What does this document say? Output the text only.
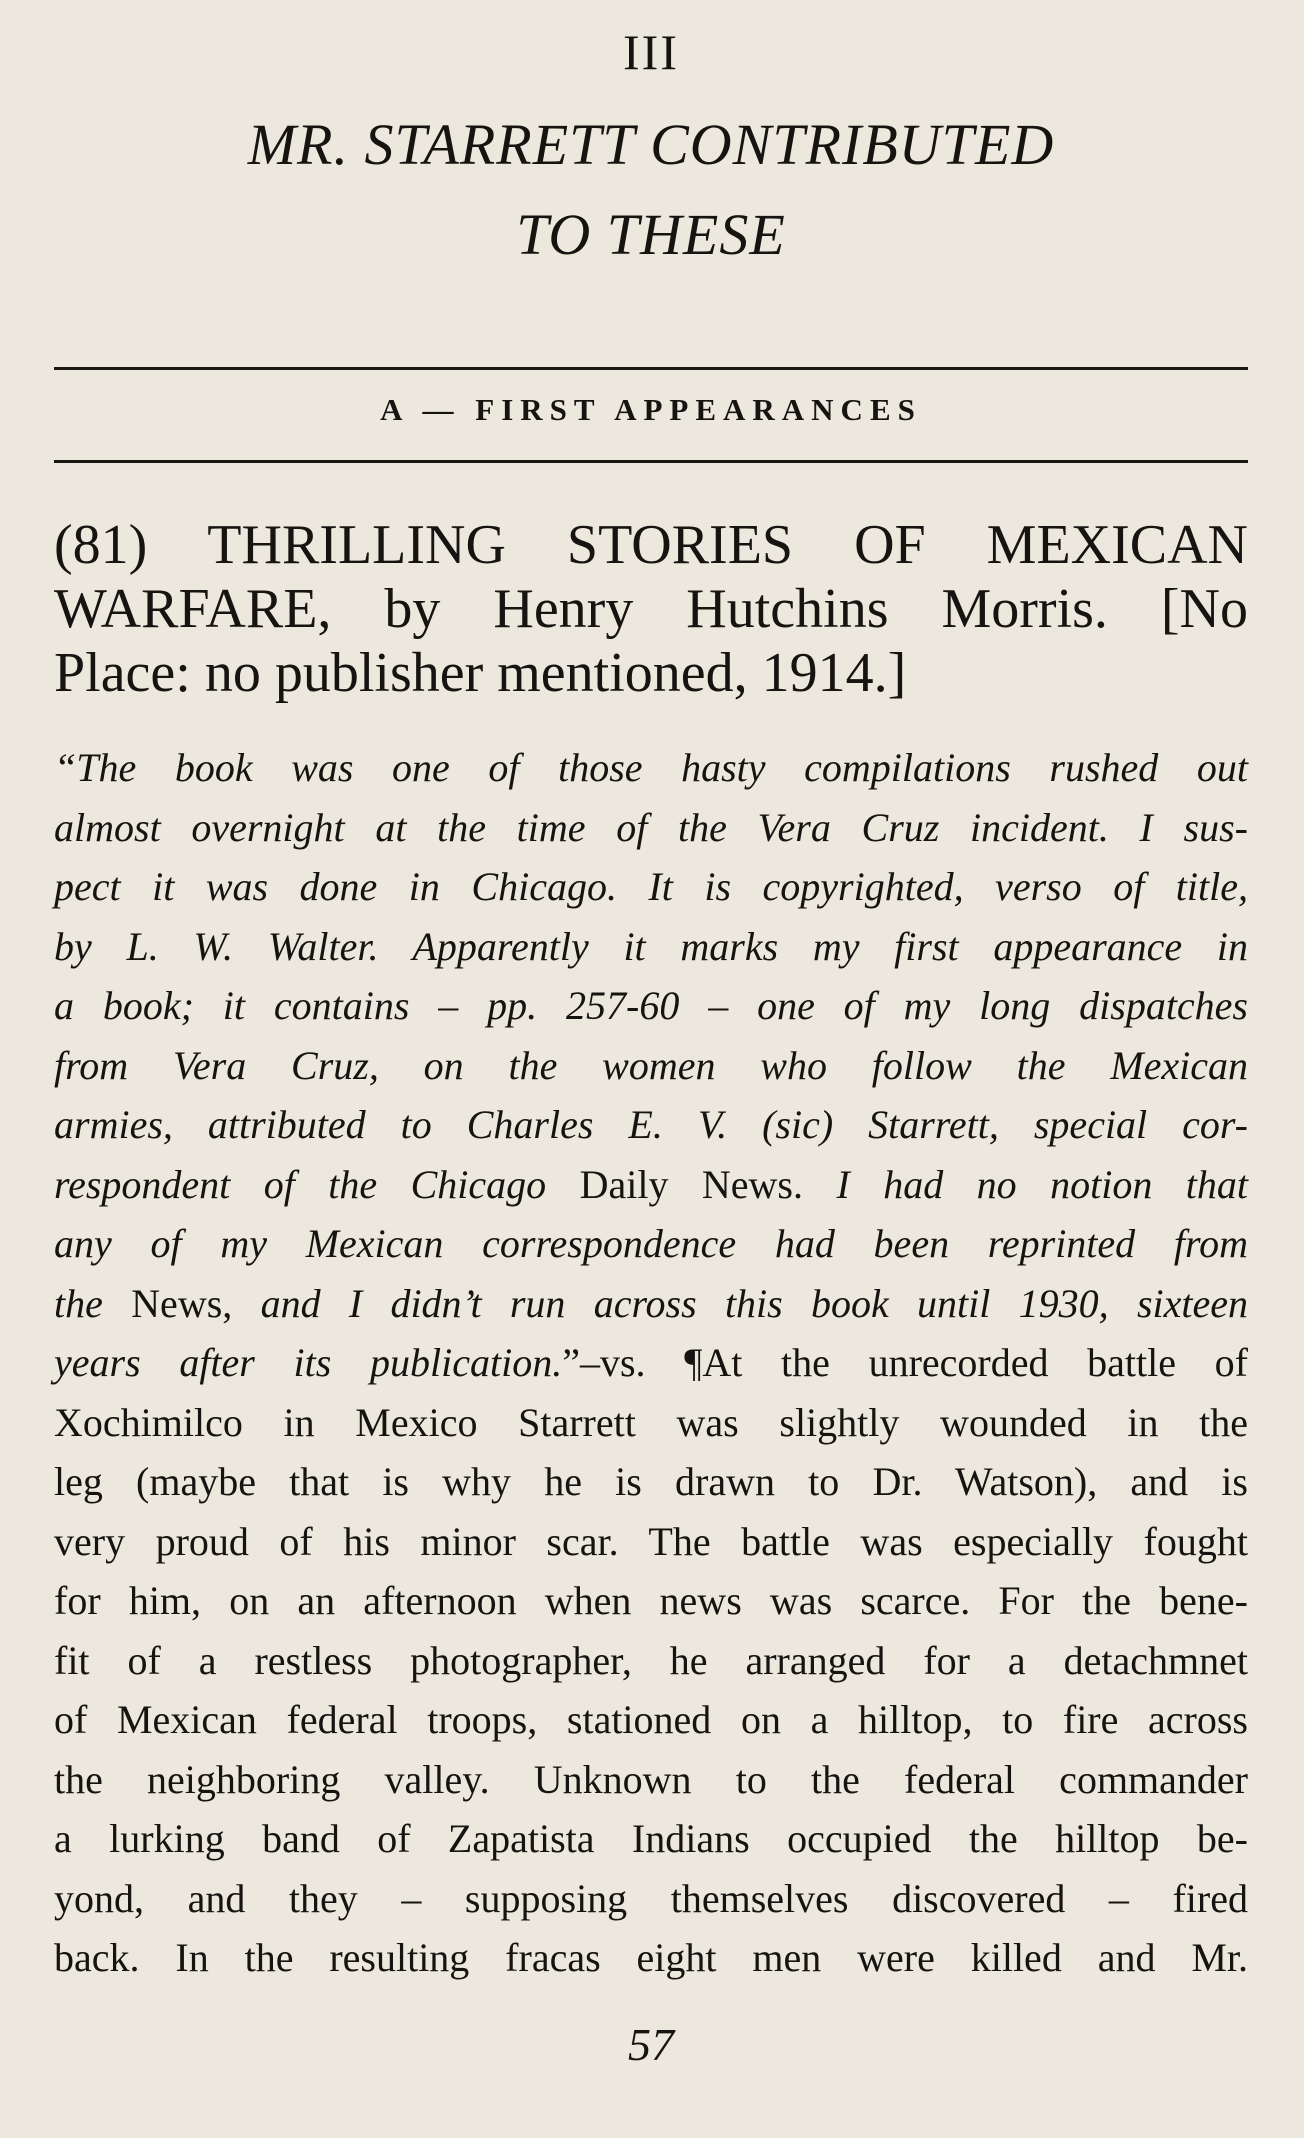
III
MR. STARRETT CONTRIBUTED
TO THESE
A — FIRST APPEARANCES
(81) THRILLING STORIES OF MEXICAN
WARFARE, by Henry Hutchins Morris. [No
Place: no publisher mentioned, 1914.]
“The book was one of those hasty compilations rushed out
almost overnight at the time of the Vera Cruz incident. I sus-
pect it was done in Chicago. It is copyrighted, verso of title,
by L. W. Walter. Apparently it marks my first appearance in
a book; it contains – pp. 257-60 – one of my long dispatches
from Vera Cruz, on the women who follow the Mexican
armies, attributed to Charles E. V. (sic) Starrett, special cor-
respondent of the Chicago Daily News. I had no notion that
any of my Mexican correspondence had been reprinted from
the News, and I didn’t run across this book until 1930, sixteen
years after its publication.”–vs. ¶At the unrecorded battle of
Xochimilco in Mexico Starrett was slightly wounded in the
leg (maybe that is why he is drawn to Dr. Watson), and is
very proud of his minor scar. The battle was especially fought
for him, on an afternoon when news was scarce. For the bene-
fit of a restless photographer, he arranged for a detachmnet
of Mexican federal troops, stationed on a hilltop, to fire across
the neighboring valley. Unknown to the federal commander
a lurking band of Zapatista Indians occupied the hilltop be-
yond, and they – supposing themselves discovered – fired
back. In the resulting fracas eight men were killed and Mr.
57
